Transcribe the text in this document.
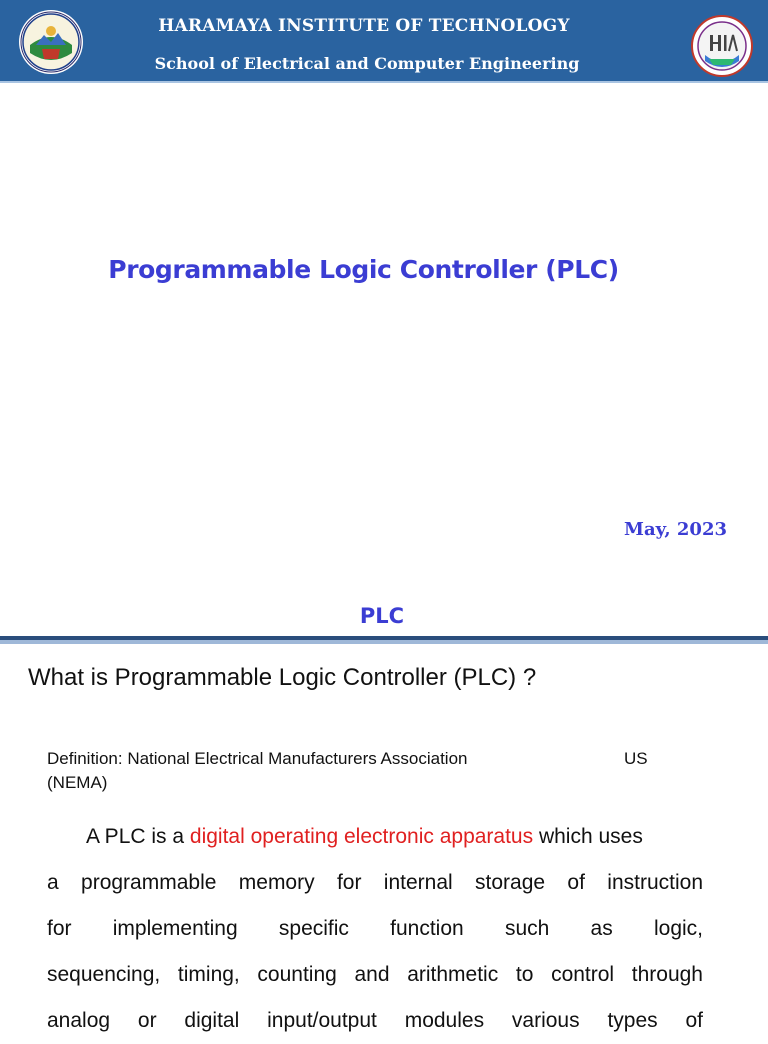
HARAMAYA INSTITUTE OF TECHNOLOGY
School of Electrical and Computer Engineering
Programmable Logic Controller (PLC)
May, 2023
PLC
What is Programmable Logic Controller (PLC) ?
Definition: National Electrical Manufacturers Association	US
(NEMA)
A PLC is a digital operating electronic apparatus which uses
a programmable memory for internal storage of instruction
for implementing specific function such as logic,
sequencing, timing, counting and arithmetic to control through
analog or digital input/output modules various types of
